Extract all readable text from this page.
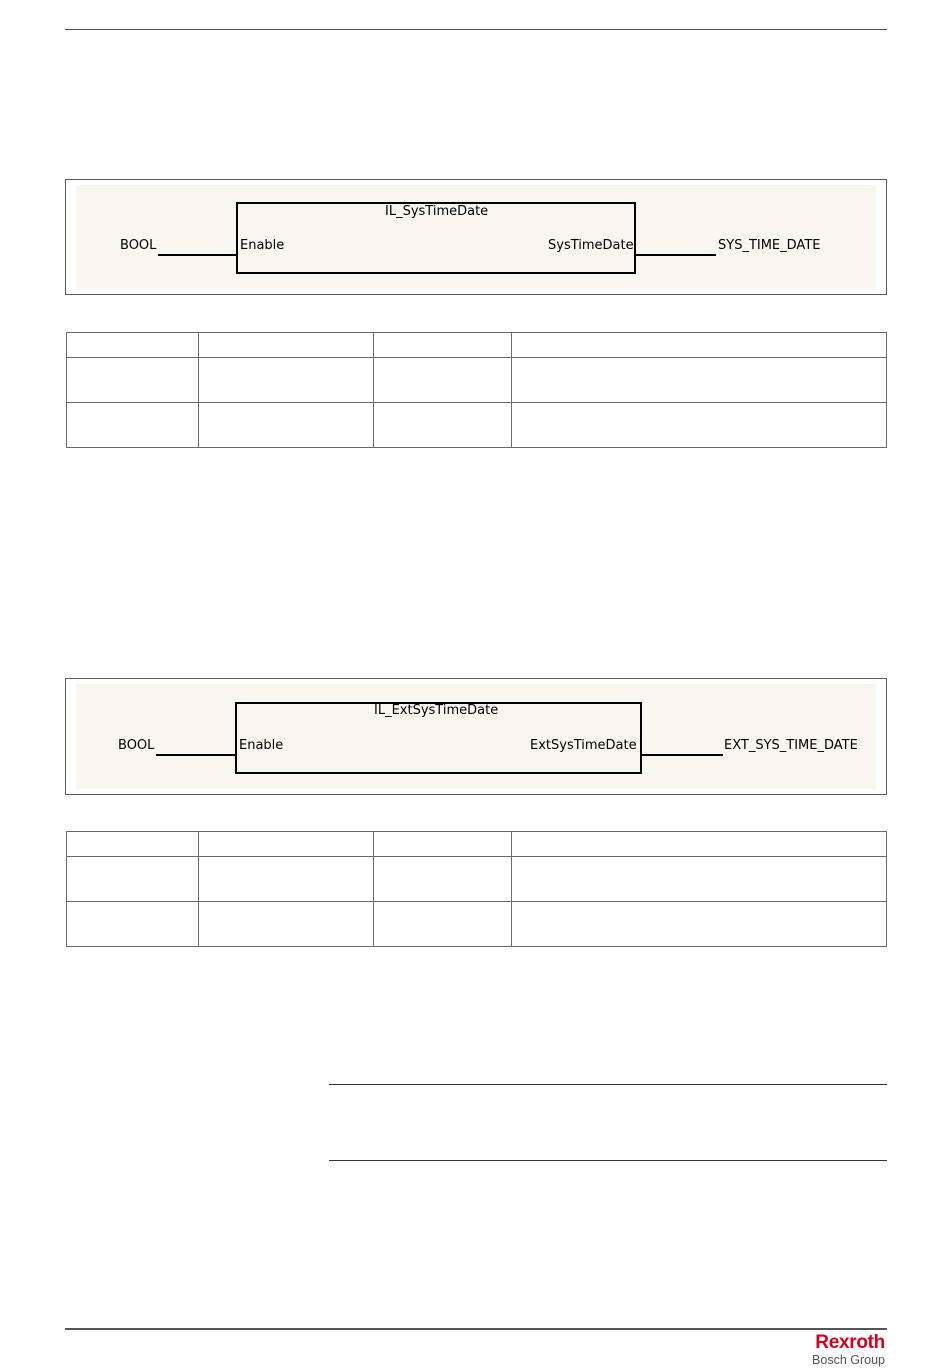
IL_SysTimeDate
BOOL	Enable	SysTimeDate	SYS_TIME_DATE

IL_ExtSysTimeDate
BOOL	Enable	ExtSysTimeDate	EXT_SYS_TIME_DATE

Rexroth
Bosch Group
